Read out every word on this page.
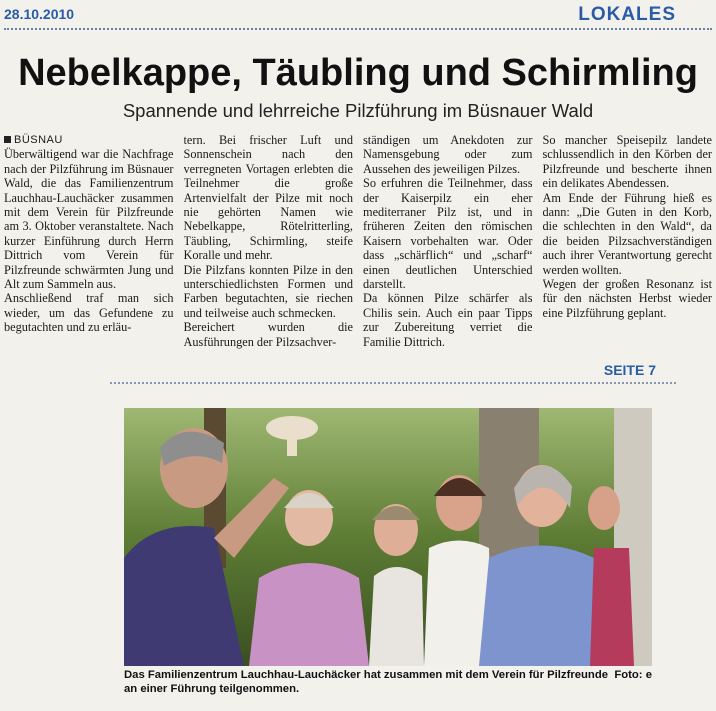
28.10.2010	LOKALES
Nebelkappe, Täubling und Schirmling
Spannende und lehrreiche Pilzführung im Büsnauer Wald
BÜSNAU

Überwältigend war die Nachfrage nach der Pilzführung im Büsnauer Wald, die das Familienzentrum Lauchhau-Lauchäcker zusammen mit dem Verein für Pilzfreunde am 3. Oktober veranstaltete. Nach kurzer Einführung durch Herrn Dittrich vom Verein für Pilzfreunde schwärmten Jung und Alt zum Sammeln aus.

Anschließend traf man sich wieder, um das Gefundene zu begutachten und zu erläu-

tern. Bei frischer Luft und Sonnenschein nach den verregneten Vortagen erlebten die Teilnehmer die große Artenvielfalt der Pilze mit noch nie gehörten Namen wie Nebelkappe, Rötelritterling, Täubling, Schirmling, steife Koralle und mehr.

Die Pilzfans konnten Pilze in den unterschiedlichsten Formen und Farben begutachten, sie riechen und teilweise auch schmecken.

Bereichert wurden die Ausführungen der Pilzsachver-

ständigen um Anekdoten zur Namensgebung oder zum Aussehen des jeweiligen Pilzes.

So erfuhren die Teilnehmer, dass der Kaiserpilz ein eher mediterraner Pilz ist, und in früheren Zeiten den römischen Kaisern vorbehalten war. Oder dass „schärflich“ und „scharf“ einen deutlichen Unterschied darstellt.

Da können Pilze schärfer als Chilis sein. Auch ein paar Tipps zur Zubereitung verriet die Familie Dittrich.

So mancher Speisepilz landete schlussendlich in den Körben der Pilzfreunde und bescherte ihnen ein delikates Abendessen.

Am Ende der Führung hieß es dann: „Die Guten in den Korb, die schlechten in den Wald“, da die beiden Pilzsachverständigen auch ihrer Verantwortung gerecht werden wollten.

Wegen der großen Resonanz ist für den nächsten Herbst wieder eine Pilzführung geplant.

SEITE 7
Foto: e
Das Familienzentrum Lauchhau-Lauchäcker hat zusammen mit dem Verein für Pilzfreunde an einer Führung teilgenommen.
